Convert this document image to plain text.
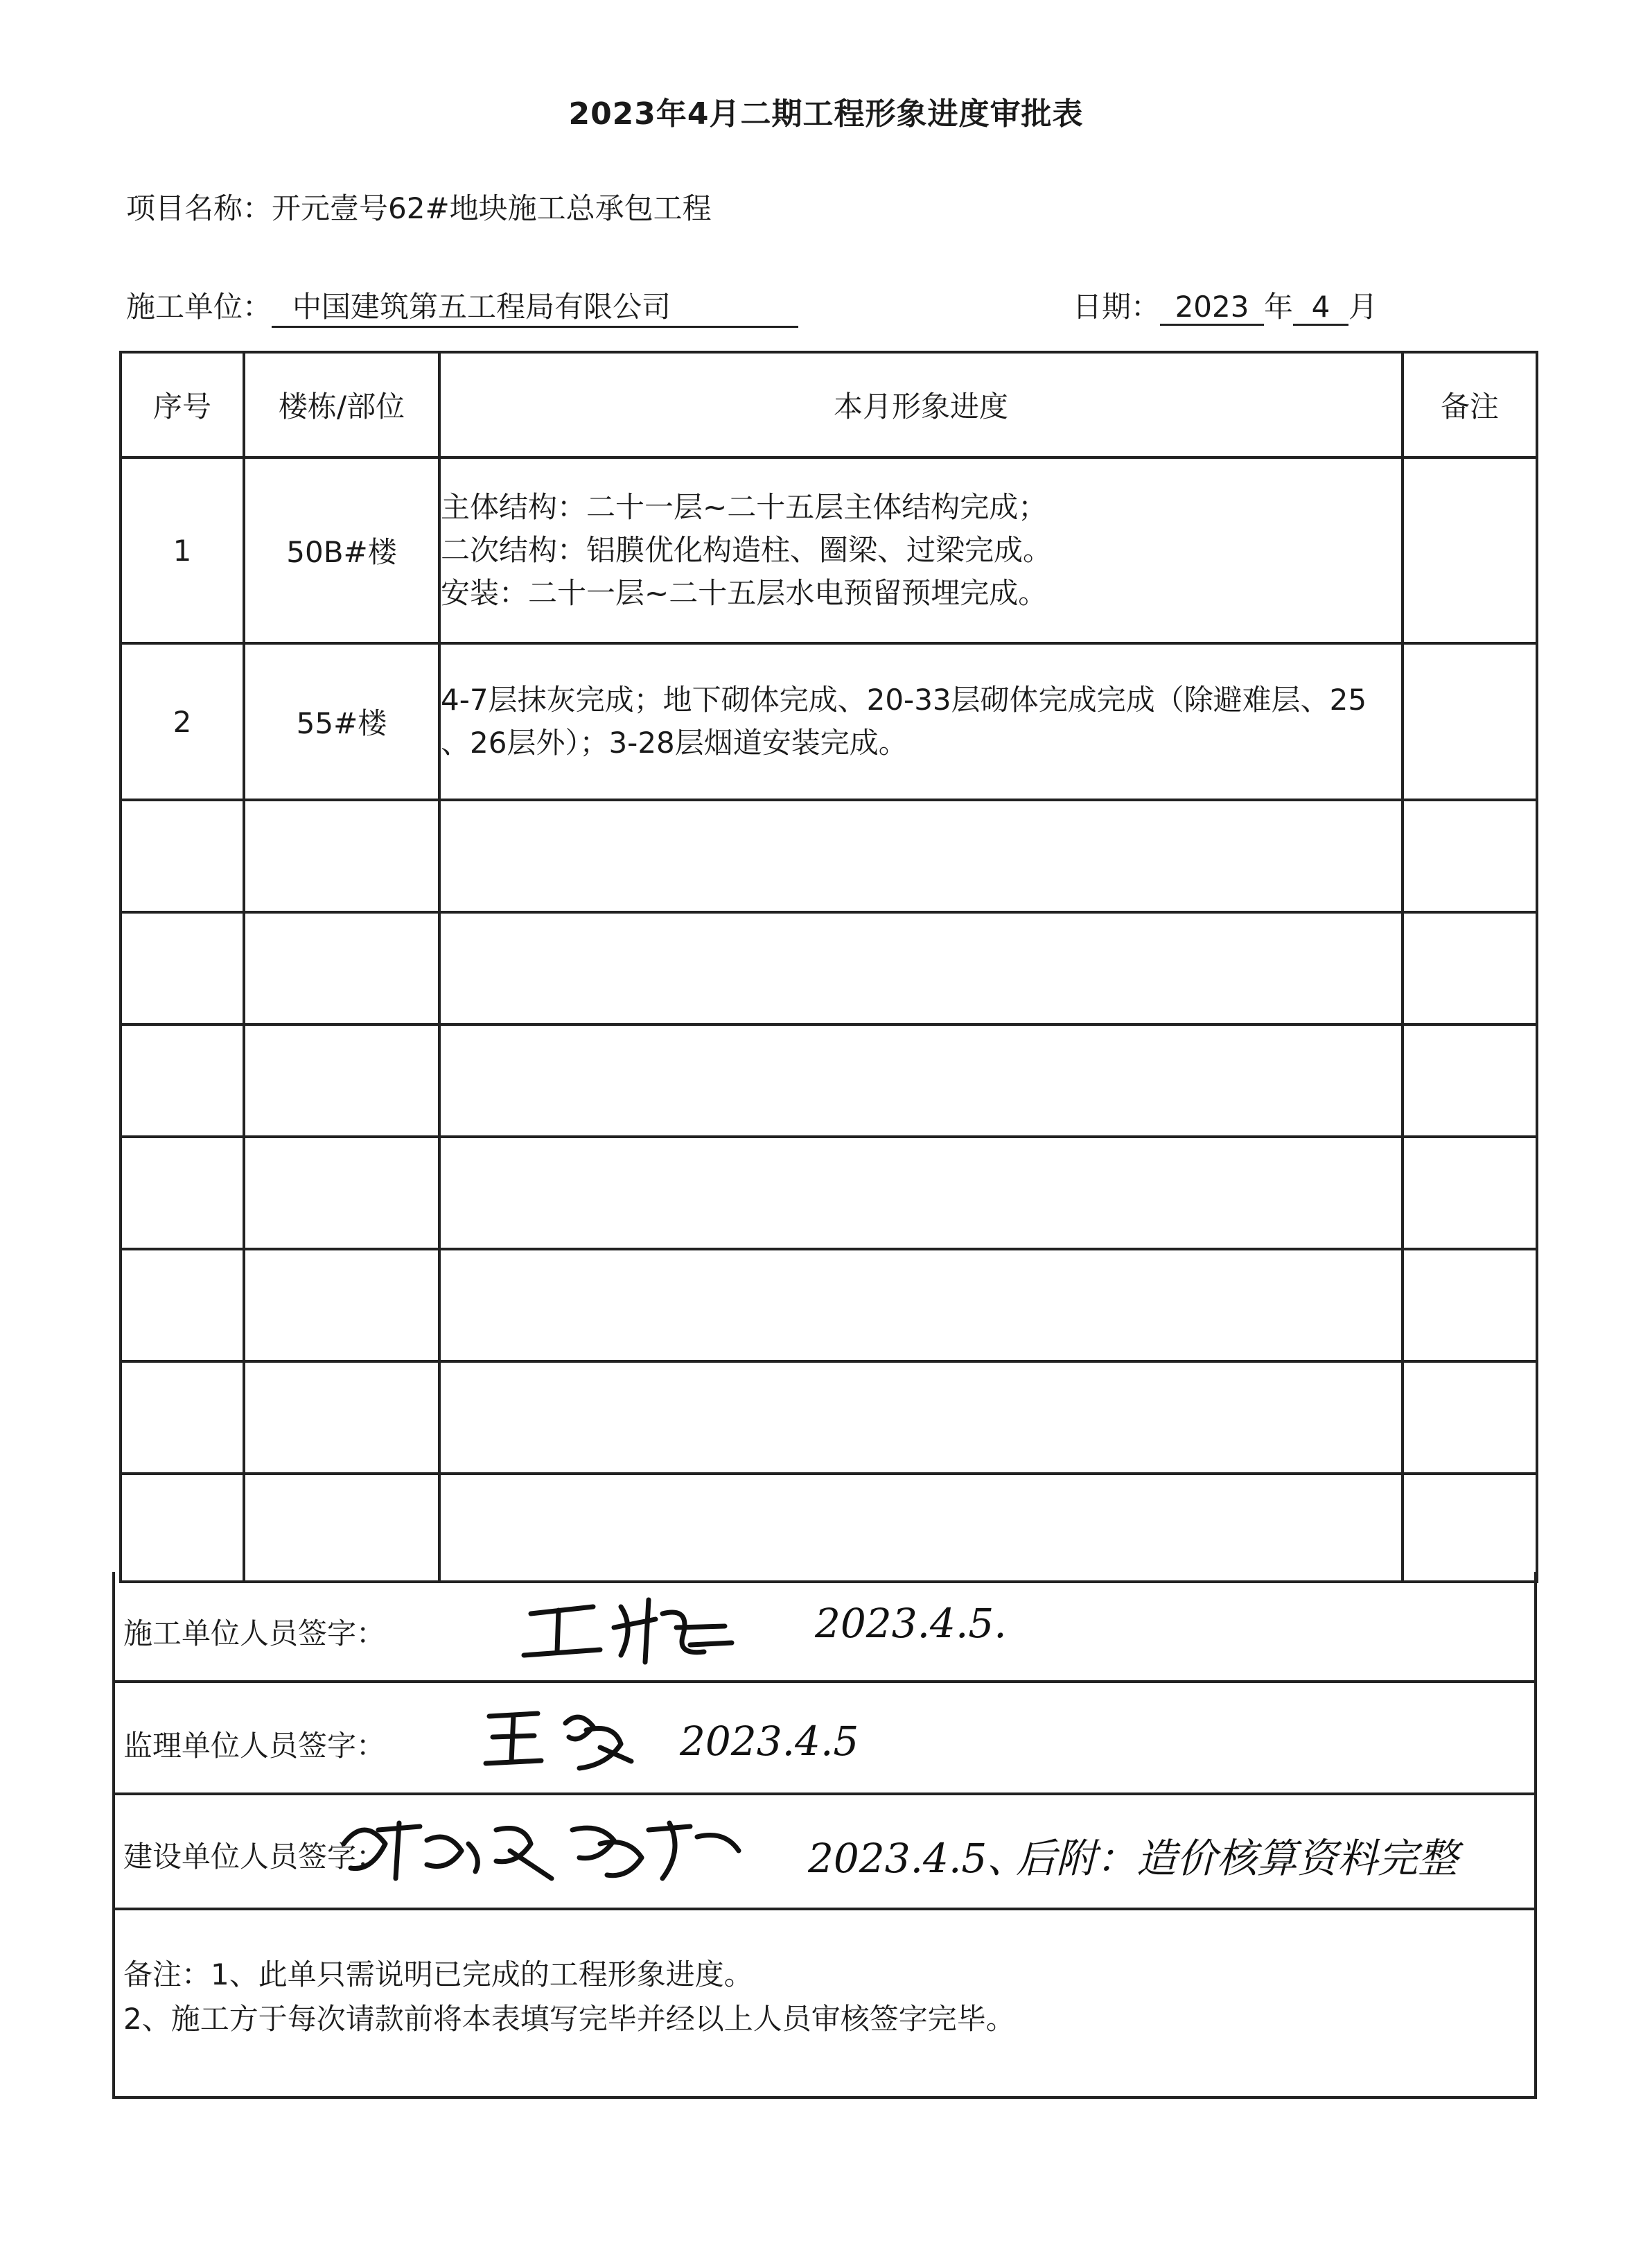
2023年4月二期工程形象进度审批表
项目名称：开元壹号62#地块施工总承包工程
施工单位： 中国建筑第五工程局有限公司	日期： 2023 年 4 月
序号	楼栋/部位	本月形象进度	备注
1	50B#楼	主体结构：二十一层~二十五层主体结构完成；
二次结构：铝膜优化构造柱、圈梁、过梁完成。
安装：二十一层~二十五层水电预留预埋完成。	

2	55#楼	4-7层抹灰完成；地下砌体完成、20-33层砌体完成完成（除避难层、25
、26层外）；3-28层烟道安装完成。	

施工单位人员签字：	2023.4.5.
监理单位人员签字：	2023.4.5
建设单位人员签字：	2023.4.5、
后附：造价核算资料完整
备注：1、此单只需说明已完成的工程形象进度。
2、施工方于每次请款前将本表填写完毕并经以上人员审核签字完毕。
